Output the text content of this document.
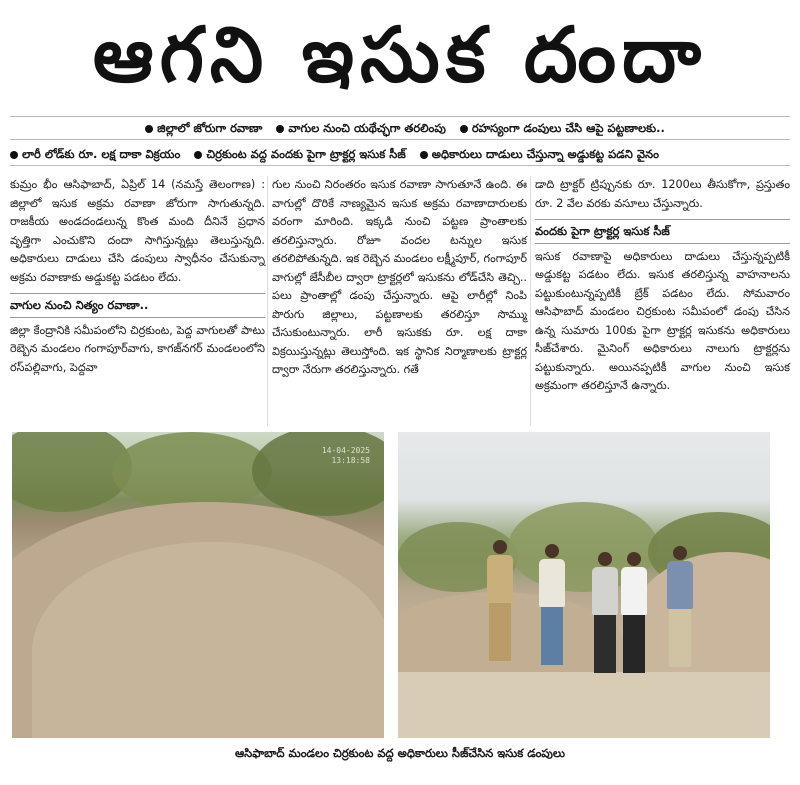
ఆగని ఇసుక దందా
జిల్లాలో జోరుగా రవాణా వాగుల నుంచి యథేచ్ఛగా తరలింపు రహస్యంగా డంపులు చేసి ఆపై పట్టణాలకు..
లారీ లోడ్‌కు రూ. లక్ష దాకా విక్రయం చిర్రకుంట వద్ద వందకు పైగా ట్రాక్టర్ల ఇసుక సీజ్ అధికారులు దాడులు చేస్తున్నా అడ్డుకట్ట పడని వైనం

కుమ్రం భీం ఆసిఫాబాద్, ఏప్రిల్ 14 (నమస్తే తెలంగాణ) : జిల్లాలో ఇసుక అక్రమ రవాణా జోరుగా సాగుతున్నది. రాజకీయ అండదండలున్న కొంత మంది దీనినే ప్రధాన వృత్తిగా ఎంచుకొని దందా సాగిస్తున్నట్లు తెలుస్తున్నది. అధికారులు దాడులు చేసి డంపులు స్వాధీనం చేసుకున్నా అక్రమ రవాణాకు అడ్డుకట్ట పడటం లేదు.

వాగుల నుంచి నిత్యం రవాణా..

జిల్లా కేంద్రానికి సమీపంలోని చిర్రకుంట, పెద్ద వాగులతో పాటు రెబ్బెన మండలం గంగాపూర్‌వాగు, కాగజ్‌నగర్ మండలంలోని రస్‌పల్లివాగు, పెద్దవా

గుల నుంచి నిరంతరం ఇసుక రవాణా సాగుతూనే ఉంది. ఈ వాగుల్లో దొరికే నాణ్యమైన ఇసుక అక్రమ రవాణాదారులకు వరంగా మారింది. ఇక్కడి నుంచి పట్టణ ప్రాంతాలకు తరలిస్తున్నారు. రోజూ వందల టన్నుల ఇసుక తరలిపోతున్నది. ఇక రెబ్బెన మండలం లక్ష్మీపూర్, గంగాపూర్ వాగుల్లో జేసీబీల ద్వారా ట్రాక్టర్లలో ఇసుకను లోడ్‌చేసి తెచ్చి.. పలు ప్రాంతాల్లో డంపు చేస్తున్నారు. ఆపై లారీల్లో నింపి పొరుగు జిల్లాలు, పట్టణాలకు తరలిస్తూ సొమ్ము చేసుకుంటున్నారు. లారీ ఇసుకకు రూ. లక్ష దాకా విక్రయిస్తున్నట్లు తెలుస్తోంది. ఇక స్థానిక నిర్మాణాలకు ట్రాక్టర్ల ద్వారా నేరుగా తరలిస్తున్నారు. గతే

డాది ట్రాక్టర్ ట్రిప్పునకు రూ. 1200లు తీసుకోగా, ప్రస్తుతం రూ. 2 వేల వరకు వసూలు చేస్తున్నారు.

వందకు పైగా ట్రాక్టర్ల ఇసుక సీజ్

ఇసుక రవాణాపై అధికారులు దాడులు చేస్తున్నప్పటికీ అడ్డుకట్ట పడటం లేదు. ఇసుక తరలిస్తున్న వాహనాలను పట్టుకుంటున్నప్పటికీ బ్రేక్ పడటం లేదు. సోమవారం ఆసిఫాబాద్ మండలం చిర్రకుంట సమీపంలో డంపు చేసిన ఉన్న సుమారు 100కు పైగా ట్రాక్టర్ల ఇసుకను అధికారులు సీజ్‌చేశారు. మైనింగ్ అధికారులు నాలుగు ట్రాక్టర్లను పట్టుకున్నారు. అయినప్పటికీ వాగుల నుంచి ఇసుక అక్రమంగా తరలిస్తూనే ఉన్నారు.

14-04-2025
13:18:58
ఆసిఫాబాద్ మండలం చిర్రకుంట వద్ద అధికారులు సీజ్‌చేసిన ఇసుక డంపులు
